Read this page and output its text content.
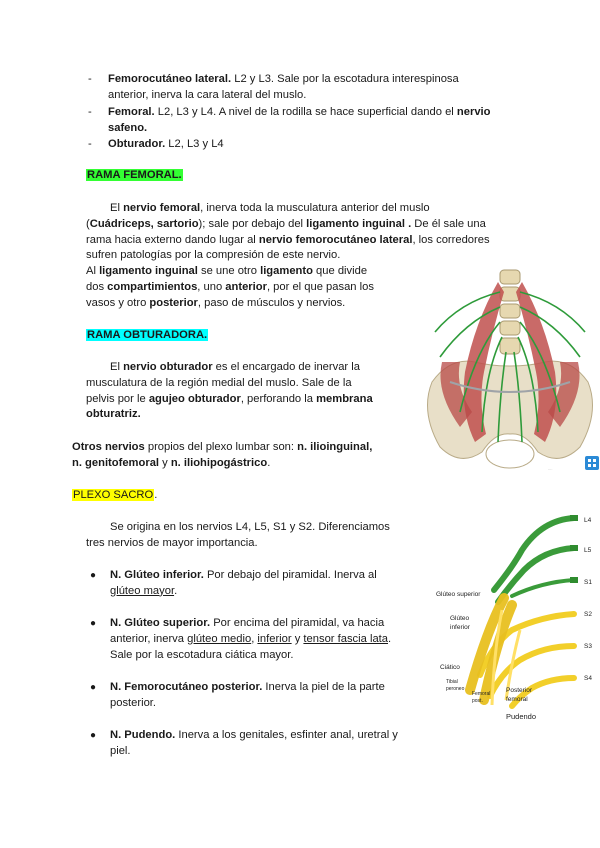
- Femorocutáneo lateral. L2 y L3. Sale por la escotadura interespinosa
anterior, inerva la cara lateral del muslo.
- Femoral. L2, L3 y L4. A nivel de la rodilla se hace superficial dando el nervio
safeno.
- Obturador. L2, L3 y L4
RAMA FEMORAL.
El nervio femoral, inerva toda la musculatura anterior del muslo
(Cuádriceps, sartorio); sale por debajo del ligamento inguinal . De él sale una
rama hacia externo dando lugar al nervio femorocutáneo lateral, los corredores
sufren patologías por la compresión de este nervio.
Al ligamento inguinal se une otro ligamento que divide
dos compartimientos, uno anterior, por el que pasan los
vasos y otro posterior, paso de músculos y nervios.
RAMA OBTURADORA.
El nervio obturador es el encargado de inervar la
musculatura de la región medial del muslo. Sale de la
pelvis por le agujeo obturador, perforando la membrana
obturatriz.
Otros nervios propios del plexo lumbar son: n. ilioinguinal,
n. genitofemoral y n. iliohipogástrico.
PLEXO SACRO.
Se origina en los nervios L4, L5, S1 y S2. Diferenciamos
tres nervios de mayor importancia.
● N. Glúteo inferior. Por debajo del piramidal. Inerva al
glúteo mayor.
● N. Glúteo superior. Por encima del piramidal, va hacia
anterior, inerva glúteo medio, inferior y tensor fascia lata.
Sale por la escotadura ciática mayor.
● N. Femorocutáneo posterior. Inerva la piel de la parte
posterior.
● N. Pudendo. Inerva a los genitales, esfinter anal, uretral y
piel.
....
L4
L5
S1
S2
S3
S4
Glúteo superior
Glúteo
inferior
Ciático
Tibial
peroneo
Femoral
post.
Posterior
femoral
Pudendo
